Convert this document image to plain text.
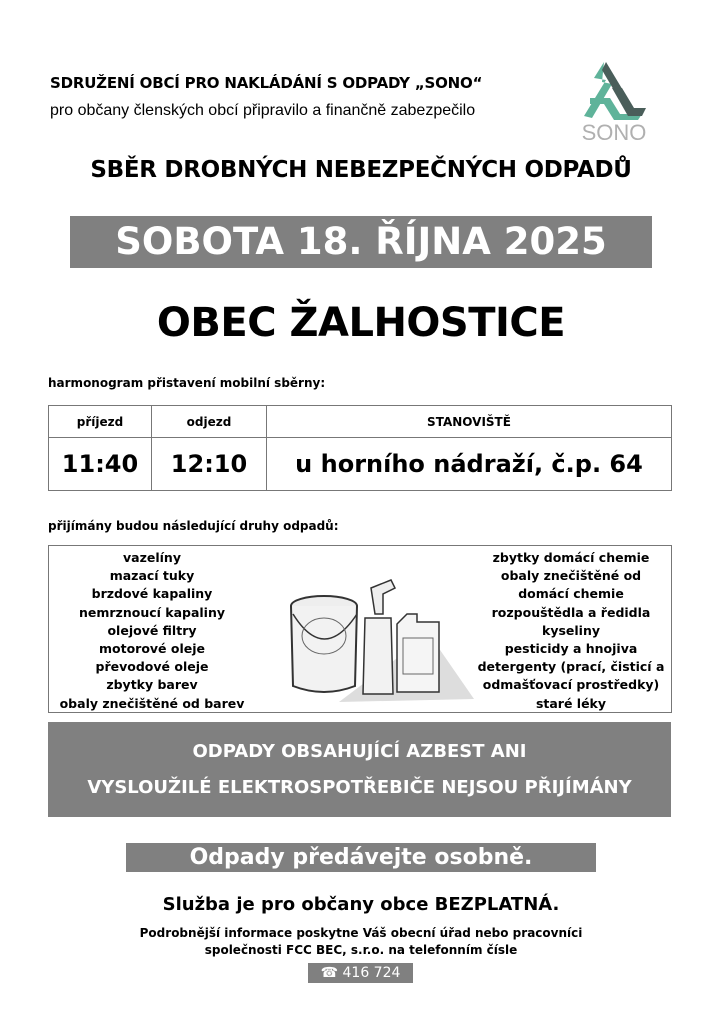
SDRUŽENÍ OBCÍ PRO NAKLÁDÁNÍ S ODPADY „SONO“
pro občany členských obcí připravilo a finančně zabezpečilo
SONO
SBĚR DROBNÝCH NEBEZPEČNÝCH ODPADŮ
SOBOTA 18. ŘÍJNA 2025
OBEC ŽALHOSTICE
harmonogram přistavení mobilní sběrny:
příjezd	odjezd	STANOVIŠTĚ
11:40	12:10	u horního nádraží, č.p. 64
přijímány budou následující druhy odpadů:
vazelíny
mazací tuky
brzdové kapaliny
nemrznoucí kapaliny
olejové filtry
motorové oleje
převodové oleje
zbytky barev
obaly znečištěné od barev
zbytky domácí chemie
obaly znečištěné od
domácí chemie
rozpouštědla a ředidla
kyseliny
pesticidy a hnojiva
detergenty (prací, čisticí a
odmašťovací prostředky)
staré léky
ODPADY OBSAHUJÍCÍ AZBEST ANI
VYSLOUŽILÉ ELEKTROSPOTŘEBIČE NEJSOU PŘIJÍMÁNY
Odpady předávejte osobně. Děkujeme.
Služba je pro občany obce BEZPLATNÁ.
Podrobnější informace poskytne Váš obecní úřad nebo pracovníci
společnosti FCC BEC, s.r.o. na telefonním čísle
☎ 416 724 111
